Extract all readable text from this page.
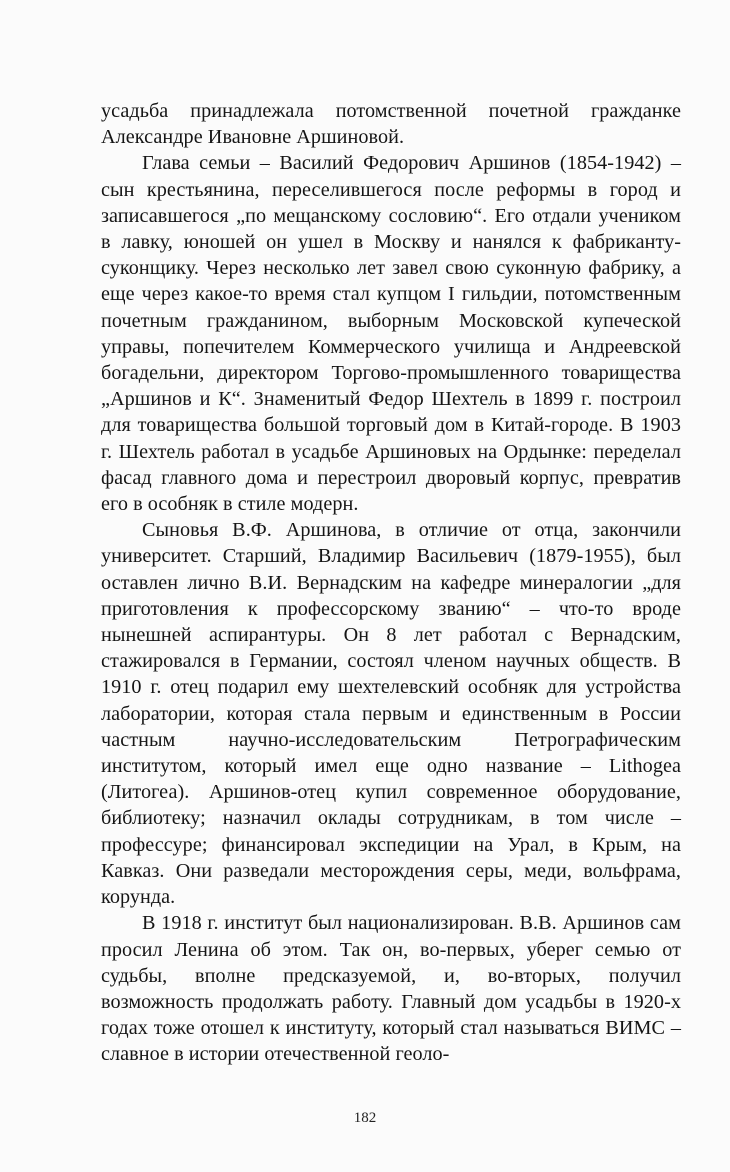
усадьба принадлежала потомственной почетной гражданке Александре Ивановне Аршиновой.

Глава семьи – Василий Федорович Аршинов (1854-1942) – сын крестьянина, переселившегося после реформы в город и записавшегося „по мещанскому сословию“. Его отдали учеником в лавку, юношей он ушел в Москву и нанялся к фабриканту-суконщику. Через несколько лет завел свою суконную фабрику, а еще через какое-то время стал купцом I гильдии, потомственным почетным гражданином, выборным Московской купеческой управы, попечителем Коммерческого училища и Андреевской богадельни, директором Торгово-промышленного товарищества „Аршинов и К“. Знаменитый Федор Шехтель в 1899 г. построил для товарищества большой торговый дом в Китай-городе. В 1903 г. Шехтель работал в усадьбе Аршиновых на Ордынке: переделал фасад главного дома и перестроил дворовый корпус, превратив его в особняк в стиле модерн.

Сыновья В.Ф. Аршинова, в отличие от отца, закончили университет. Старший, Владимир Васильевич (1879-1955), был оставлен лично В.И. Вернадским на кафедре минералогии „для приготовления к профессорскому званию“ – что-то вроде нынешней аспирантуры. Он 8 лет работал с Вернадским, стажировался в Германии, состоял членом научных обществ. В 1910 г. отец подарил ему шехтелевский особняк для устройства лаборатории, которая стала первым и единственным в России частным научно-исследовательским Петрографическим институтом, который имел еще одно название – Lithogea (Литогеа). Аршинов-отец купил современное оборудование, библиотеку; назначил оклады сотрудникам, в том числе – профессуре; финансировал экспедиции на Урал, в Крым, на Кавказ. Они разведали месторождения серы, меди, вольфрама, корунда.

В 1918 г. институт был национализирован. В.В. Аршинов сам просил Ленина об этом. Так он, во-первых, уберег семью от судьбы, вполне предсказуемой, и, во-вторых, получил возможность продолжать работу. Главный дом усадьбы в 1920-х годах тоже отошел к институту, который стал называться ВИМС – славное в истории отечественной геоло-

182
